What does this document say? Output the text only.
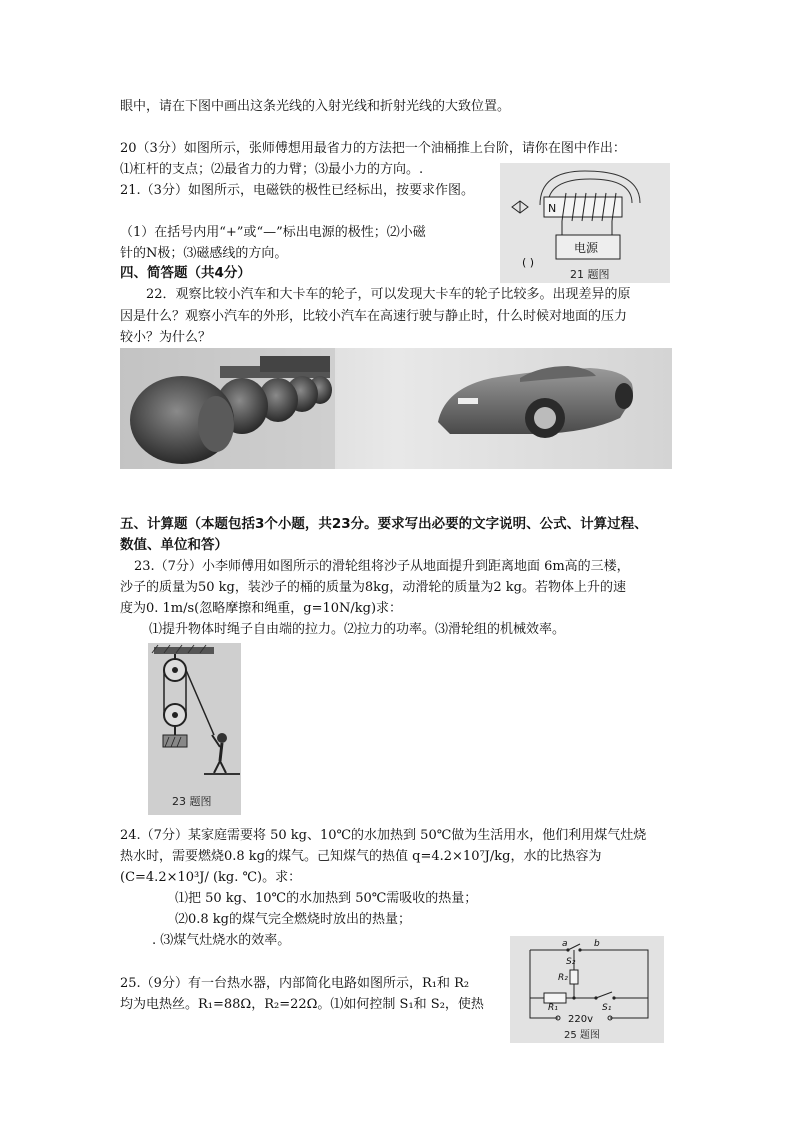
眼中，请在下图中画出这条光线的入射光线和折射光线的大致位置。
20（3分）如图所示，张师傅想用最省力的方法把一个油桶推上台阶，请你在图中作出：
⑴杠杆的支点；⑵最省力的力臂；⑶最小力的方向。.
21.（3分）如图所示，电磁铁的极性已经标出，按要求作图。
（1）在括号内用“+”或“—”标出电源的极性；⑵小磁
针的N极；⑶磁感线的方向。
四、简答题（共4分）
22．观察比较小汽车和大卡车的轮子，可以发现大卡车的轮子比较多。出现差异的原
因是什么？观察小汽车的外形，比较小汽车在高速行驶与静止时，什么时候对地面的压力
较小？为什么？
五、计算题（本题包括3个小题，共23分。要求写出必要的文字说明、公式、计算过程、
数值、单位和答）
23.（7分）小李师傅用如图所示的滑轮组将沙子从地面提升到距离地面 6m高的三楼，
沙子的质量为50 kg，装沙子的桶的质量为8kg，动滑轮的质量为2 kg。若物体上升的速
度为0. 1m/s(忽略摩擦和绳重，g=10N/kg)求：
⑴提升物体时绳子自由端的拉力。⑵拉力的功率。⑶滑轮组的机械效率。
24.（7分）某家庭需要将 50 kg、10℃的水加热到 50℃做为生活用水，他们利用煤气灶烧
热水时，需要燃烧0.8 kg的煤气。己知煤气的热值 q=4.2×10⁷J/kg，水的比热容为
(C=4.2×10³J/ (kg. ℃)。求：
⑴把 50 kg、10℃的水加热到 50℃需吸收的热量；
⑵0.8 kg的煤气完全燃烧时放出的热量；
. ⑶煤气灶烧水的效率。
25.（9分）有一台热水器，内部简化电路如图所示，R₁和 R₂
均为电热丝。R₁=88Ω，R₂=22Ω。⑴如何控制 S₁和 S₂，使热
N
电源
( )
21 题图
23 题图
a	b
S₂
R₂
R₁	S₁
220v
25 题图
